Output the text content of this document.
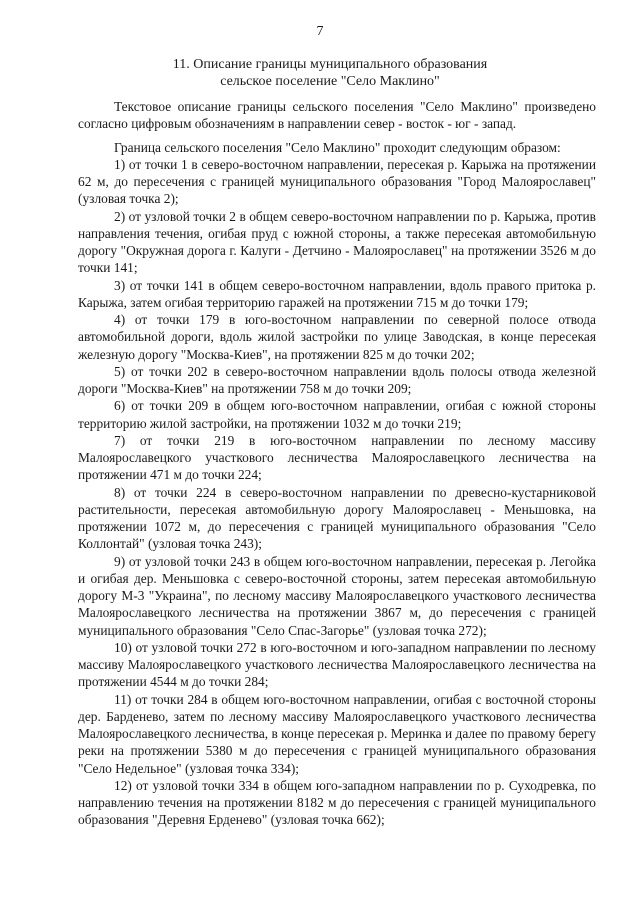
7
11. Описание границы муниципального образования
сельское поселение "Село Маклино"

Текстовое описание границы сельского поселения "Село Маклино" произведено согласно цифровым обозначениям в направлении север - восток - юг - запад.

Граница сельского поселения "Село Маклино" проходит следующим образом:

1) от точки 1 в северо-восточном направлении, пересекая р. Карыжа на протяжении 62 м, до пересечения с границей муниципального образования "Город Малоярославец" (узловая точка 2);

2) от узловой точки 2 в общем северо-восточном направлении по р. Карыжа, против направления течения, огибая пруд с южной стороны, а также пересекая автомобильную дорогу "Окружная дорога г. Калуги - Детчино - Малоярославец" на протяжении 3526 м до точки 141;

3) от точки 141 в общем северо-восточном направлении, вдоль правого притока р. Карыжа, затем огибая территорию гаражей на протяжении 715 м до точки 179;

4) от точки 179 в юго-восточном направлении по северной полосе отвода автомобильной дороги, вдоль жилой застройки по улице Заводская, в конце пересекая железную дорогу "Москва-Киев", на протяжении 825 м до точки 202;

5) от точки 202 в северо-восточном направлении вдоль полосы отвода железной дороги "Москва-Киев" на протяжении 758 м до точки 209;

6) от точки 209 в общем юго-восточном направлении, огибая с южной стороны территорию жилой застройки, на протяжении 1032 м до точки 219;

7) от точки 219 в юго-восточном направлении по лесному массиву Малоярославецкого участкового лесничества Малоярославецкого лесничества на протяжении 471 м до точки 224;

8) от точки 224 в северо-восточном направлении по древесно-кустарниковой растительности, пересекая автомобильную дорогу Малоярославец - Меньшовка, на протяжении 1072 м, до пересечения с границей муниципального образования "Село Коллонтай" (узловая точка 243);

9) от узловой точки 243 в общем юго-восточном направлении, пересекая р. Легойка и огибая дер. Меньшовка с северо-восточной стороны, затем пересекая автомобильную дорогу М-3 "Украина", по лесному массиву Малоярославецкого участкового лесничества Малоярославецкого лесничества на протяжении 3867 м, до пересечения с границей муниципального образования "Село Спас-Загорье" (узловая точка 272);

10) от узловой точки 272 в юго-восточном и юго-западном направлении по лесному массиву Малоярославецкого участкового лесничества Малоярославецкого лесничества на протяжении 4544 м до точки 284;

11) от точки 284 в общем юго-восточном направлении, огибая с восточной стороны дер. Барденево, затем по лесному массиву Малоярославецкого участкового лесничества Малоярославецкого лесничества, в конце пересекая р. Меринка и далее по правому берегу реки на протяжении 5380 м до пересечения с границей муниципального образования "Село Недельное" (узловая точка 334);

12) от узловой точки 334 в общем юго-западном направлении по р. Суходревка, по направлению течения на протяжении 8182 м до пересечения с границей муниципального образования "Деревня Ерденево" (узловая точка 662);
